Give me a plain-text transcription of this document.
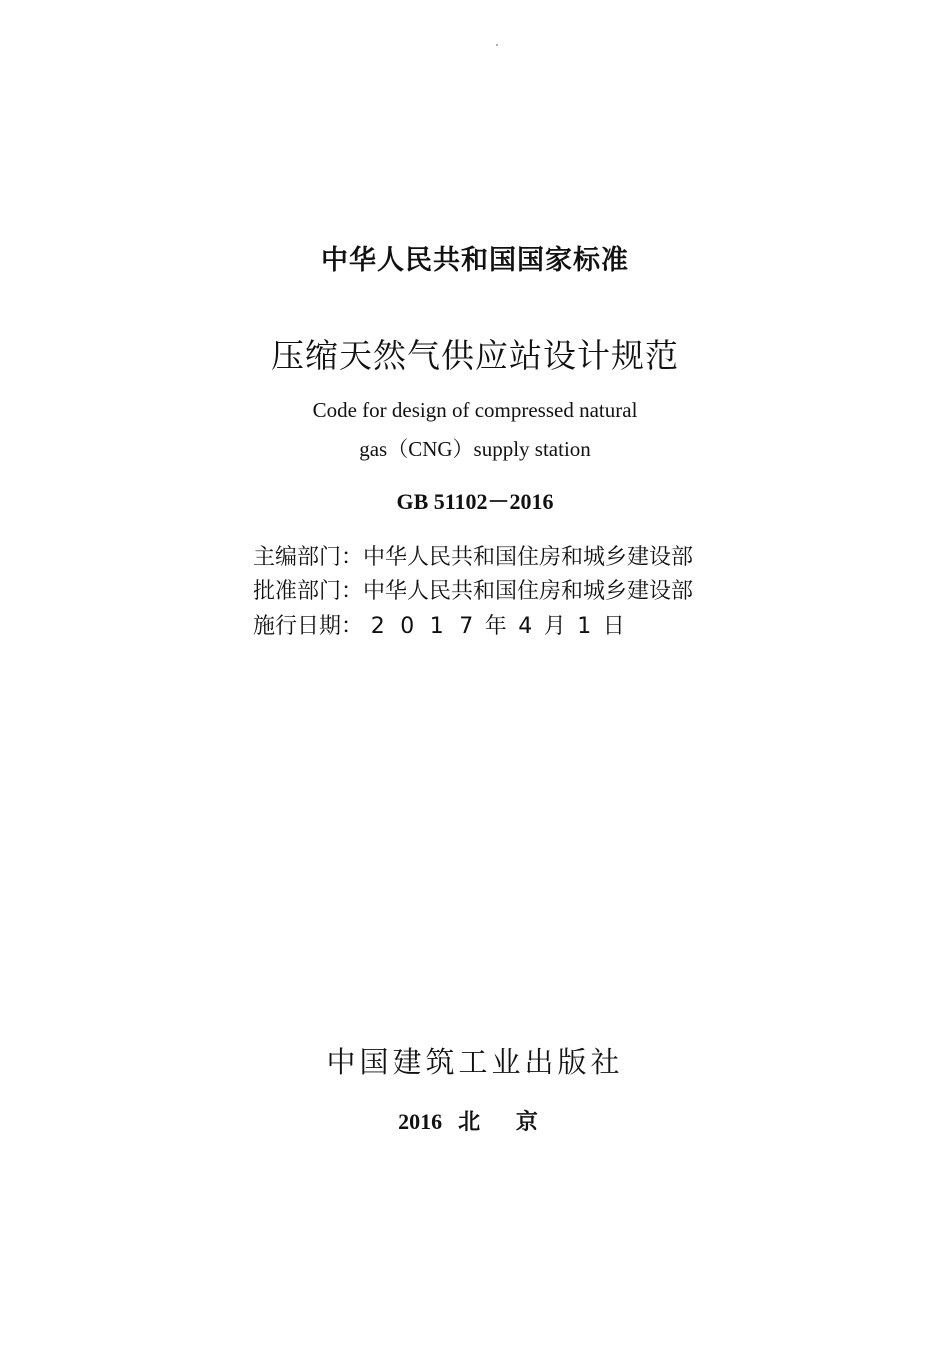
中华人民共和国国家标准
压缩天然气供应站设计规范
Code for design of compressed natural
gas（CNG）supply station
GB 51102－2016
主编部门：中华人民共和国住房和城乡建设部
批准部门：中华人民共和国住房和城乡建设部
施行日期： 2 0 1 7 年 4 月 1 日
中国建筑工业出版社
2016 北 京
